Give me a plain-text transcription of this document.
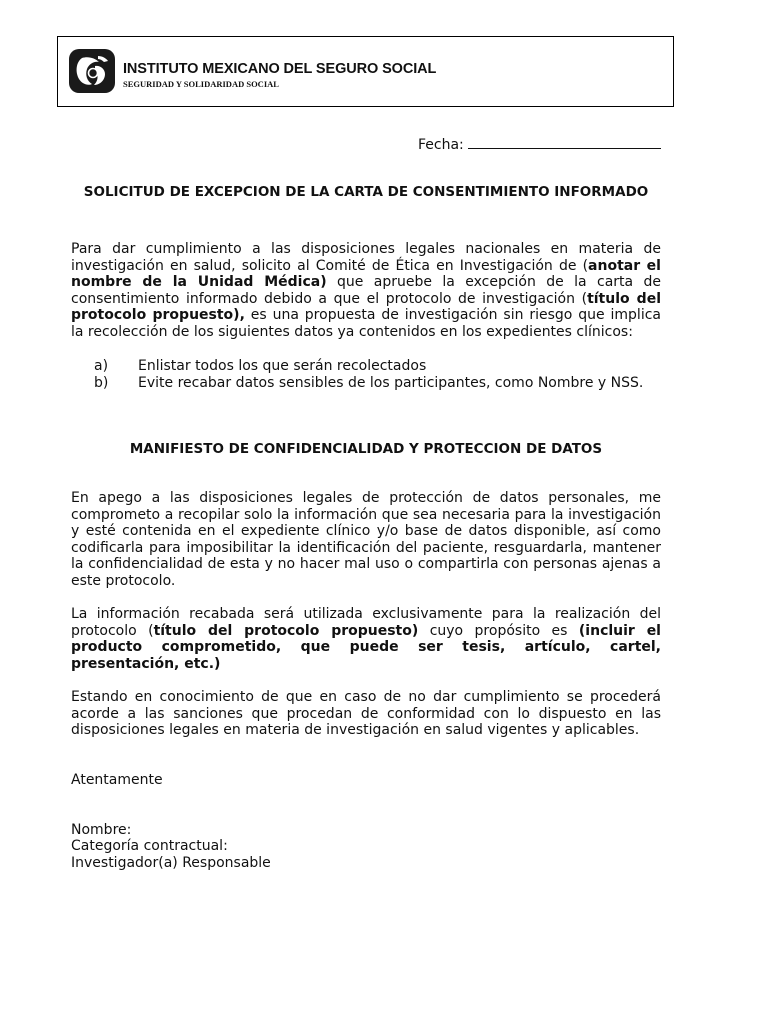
INSTITUTO MEXICANO DEL SEGURO SOCIAL
SEGURIDAD Y SOLIDARIDAD SOCIAL
Fecha:
SOLICITUD DE EXCEPCION DE LA CARTA DE CONSENTIMIENTO INFORMADO
Para dar cumplimiento a las disposiciones legales nacionales en materia de investigación en salud, solicito al Comité de Ética en Investigación de (anotar el nombre de la Unidad Médica) que apruebe la excepción de la carta de consentimiento informado debido a que el protocolo de investigación (título del protocolo propuesto), es una propuesta de investigación sin riesgo que implica la recolección de los siguientes datos ya contenidos en los expedientes clínicos:
a) Enlistar todos los que serán recolectados
b) Evite recabar datos sensibles de los participantes, como Nombre y NSS.
MANIFIESTO DE CONFIDENCIALIDAD Y PROTECCION DE DATOS
En apego a las disposiciones legales de protección de datos personales, me comprometo a recopilar solo la información que sea necesaria para la investigación y esté contenida en el expediente clínico y/o base de datos disponible, así como codificarla para imposibilitar la identificación del paciente, resguardarla, mantener la confidencialidad de esta y no hacer mal uso o compartirla con personas ajenas a este protocolo.
La información recabada será utilizada exclusivamente para la realización del protocolo (título del protocolo propuesto) cuyo propósito es (incluir el producto comprometido, que puede ser tesis, artículo, cartel, presentación, etc.)
Estando en conocimiento de que en caso de no dar cumplimiento se procederá acorde a las sanciones que procedan de conformidad con lo dispuesto en las disposiciones legales en materia de investigación en salud vigentes y aplicables.
Atentamente
Nombre:
Categoría contractual:
Investigador(a) Responsable
